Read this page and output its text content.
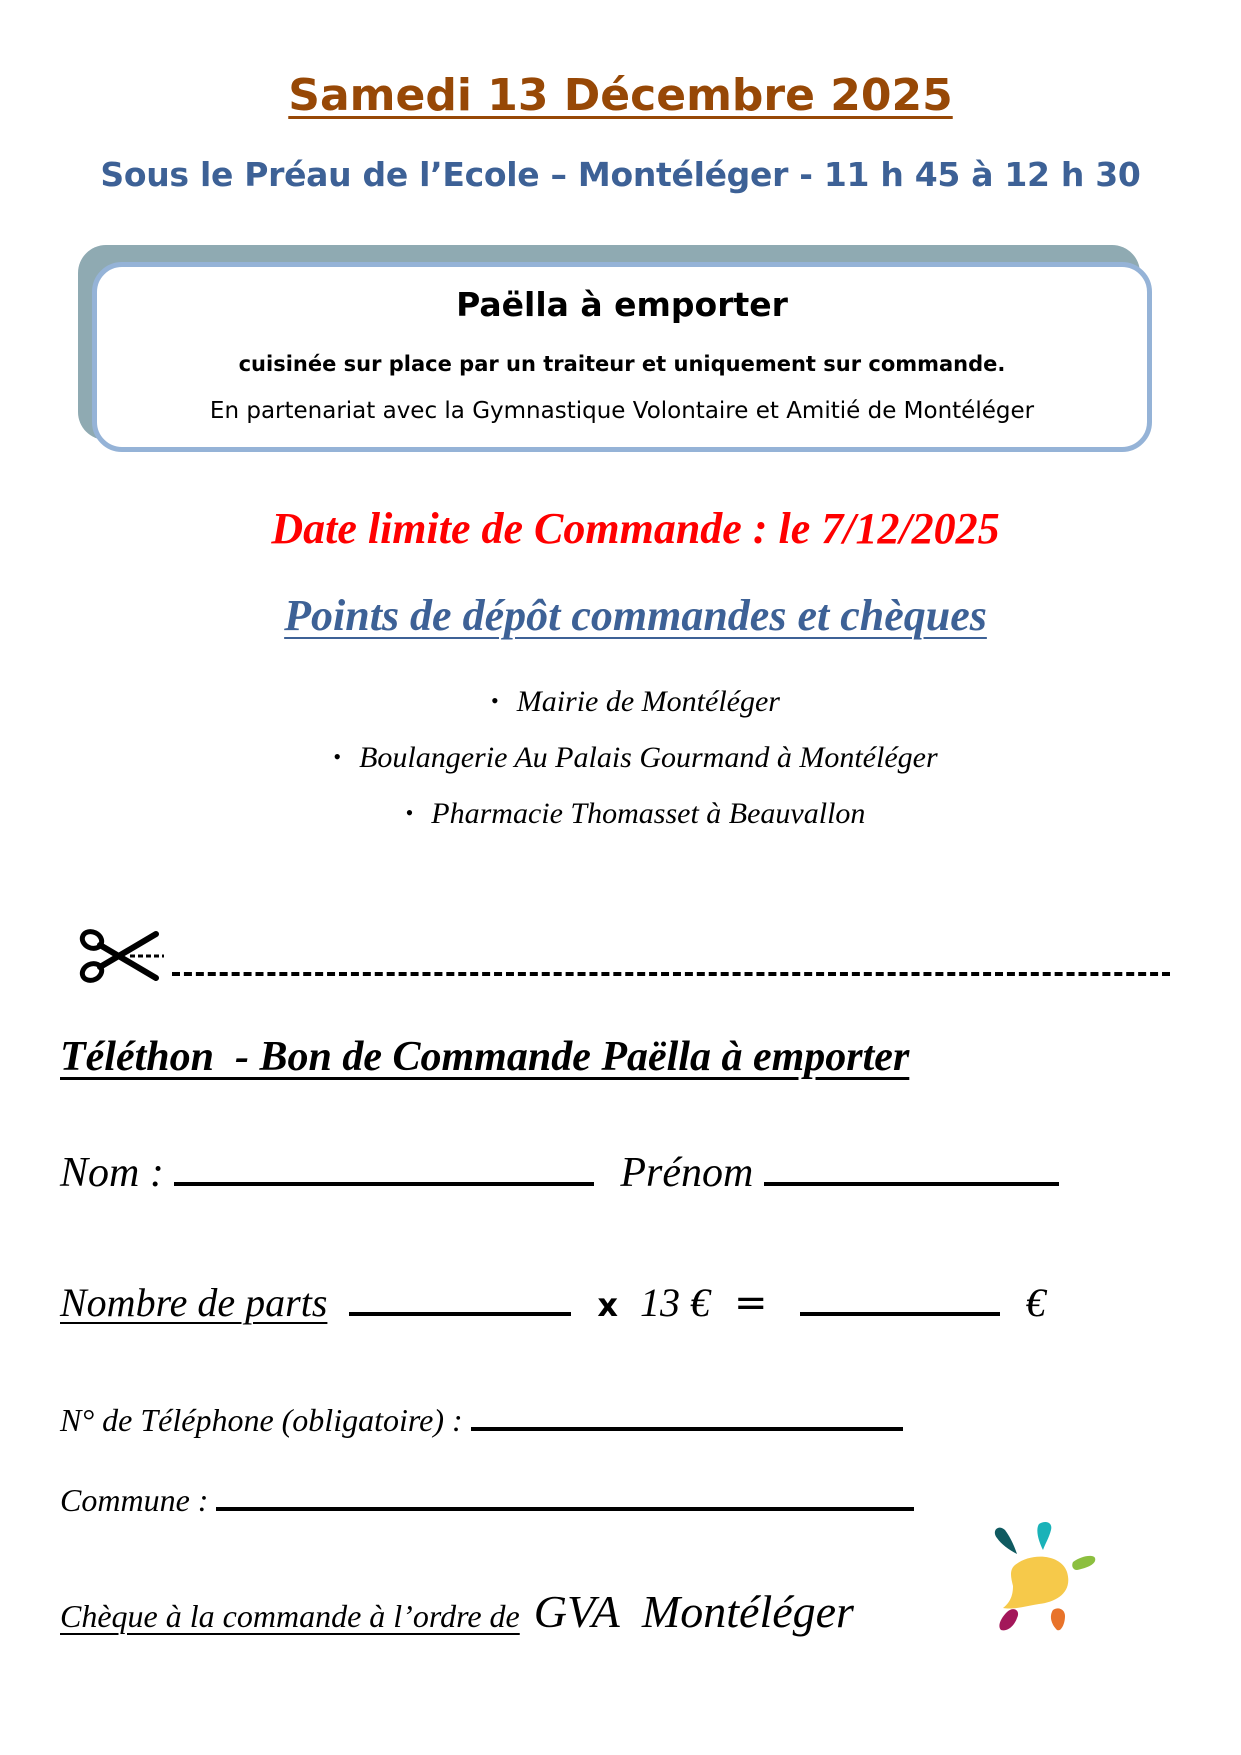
Samedi 13 Décembre 2025
Sous le Préau de l’Ecole – Montéléger - 11 h 45 à 12 h 30
Paëlla à emporter
cuisinée sur place par un traiteur et uniquement sur commande.
En partenariat avec la Gymnastique Volontaire et Amitié de Montéléger
Date limite de Commande : le 7/12/2025
Points de dépôt commandes et chèques
• Mairie de Montéléger
• Boulangerie Au Palais Gourmand à Montéléger
• Pharmacie Thomasset à Beauvallon
Téléthon  - Bon de Commande Paëlla à emporter
Nom :	Prénom
Nombre de parts	x 13 € =	€
N° de Téléphone (obligatoire) :
Commune :
Chèque à la commande à l’ordre de GVA  Montéléger
